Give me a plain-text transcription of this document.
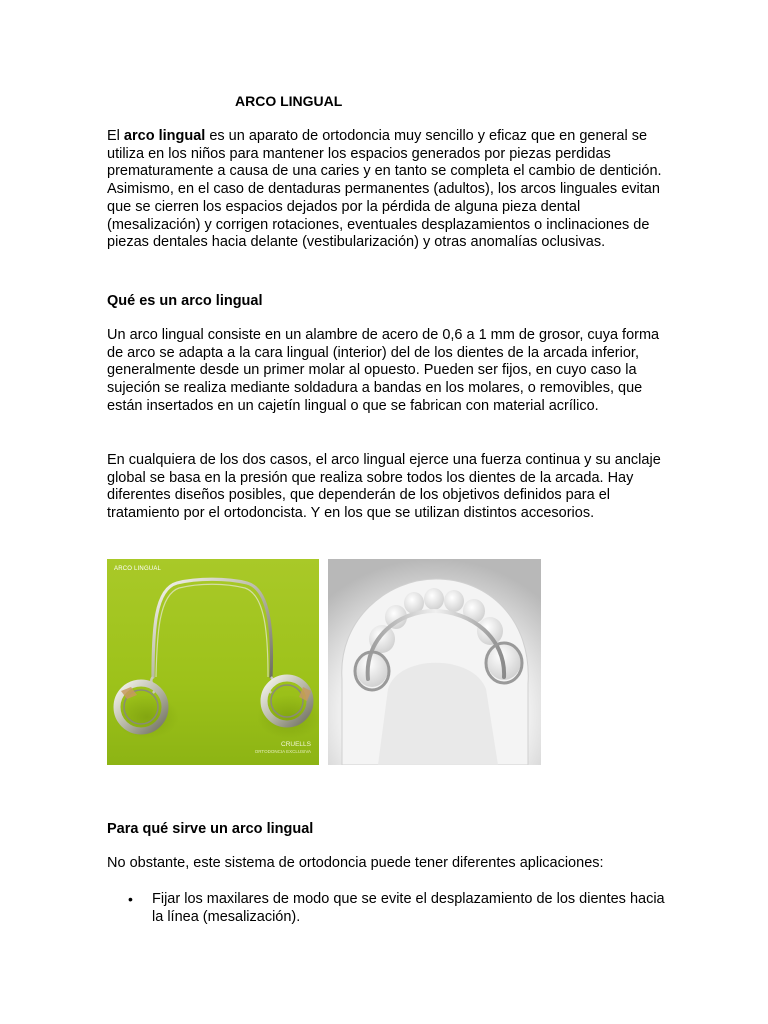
ARCO LINGUAL

El arco lingual es un aparato de ortodoncia muy sencillo y eficaz que en general se utiliza en los niños para mantener los espacios generados por piezas perdidas prematuramente a causa de una caries y en tanto se completa el cambio de dentición. Asimismo, en el caso de dentaduras permanentes (adultos), los arcos linguales evitan que se cierren los espacios dejados por la pérdida de alguna pieza dental (mesalización) y corrigen rotaciones, eventuales desplazamientos o inclinaciones de piezas dentales hacia delante (vestibularización) y otras anomalías oclusivas.

Qué es un arco lingual

Un arco lingual consiste en un alambre de acero de 0,6 a 1 mm de grosor, cuya forma de arco se adapta a la cara lingual (interior) del de los dientes de la arcada inferior, generalmente desde un primer molar al opuesto. Pueden ser fijos, en cuyo caso la sujeción se realiza mediante soldadura a bandas en los molares, o removibles, que están insertados en un cajetín lingual o que se fabrican con material acrílico.

En cualquiera de los dos casos, el arco lingual ejerce una fuerza continua y su anclaje global se basa en la presión que realiza sobre todos los dientes de la arcada. Hay diferentes diseños posibles, que dependerán de los objetivos definidos para el tratamiento por el ortodoncista. Y en los que se utilizan distintos accesorios.

ARCO LINGUAL
CRUELLS
ORTODONCIA EXCLUSIVA
Para qué sirve un arco lingual

No obstante, este sistema de ortodoncia puede tener diferentes aplicaciones:

• Fijar los maxilares de modo que se evite el desplazamiento de los dientes hacia la línea (mesalización).
